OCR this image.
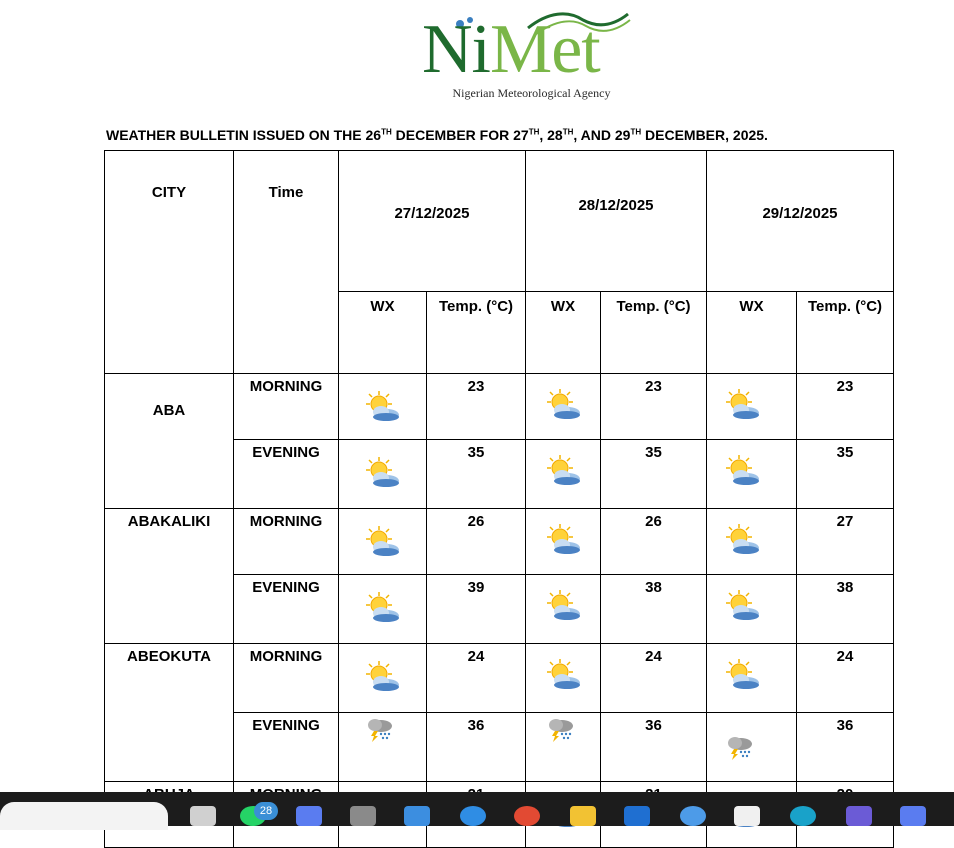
NiMet
Nigerian Meteorological Agency
WEATHER BULLETIN ISSUED ON THE 26TH DECEMBER FOR 27TH, 28TH, AND 29TH DECEMBER, 2025.
CITY	Time	27/12/2025		28/12/2025		29/12/2025	

		WX	Temp. (°C)	WX	Temp. (°C)	WX	Temp. (°C)

ABA	MORNING		23		23		23
	EVENING		35		35		35

ABAKALIKI	MORNING		26		26		27
	EVENING		39		38		38

ABEOKUTA	MORNING		24		24		24
	EVENING		36		36		36

28
